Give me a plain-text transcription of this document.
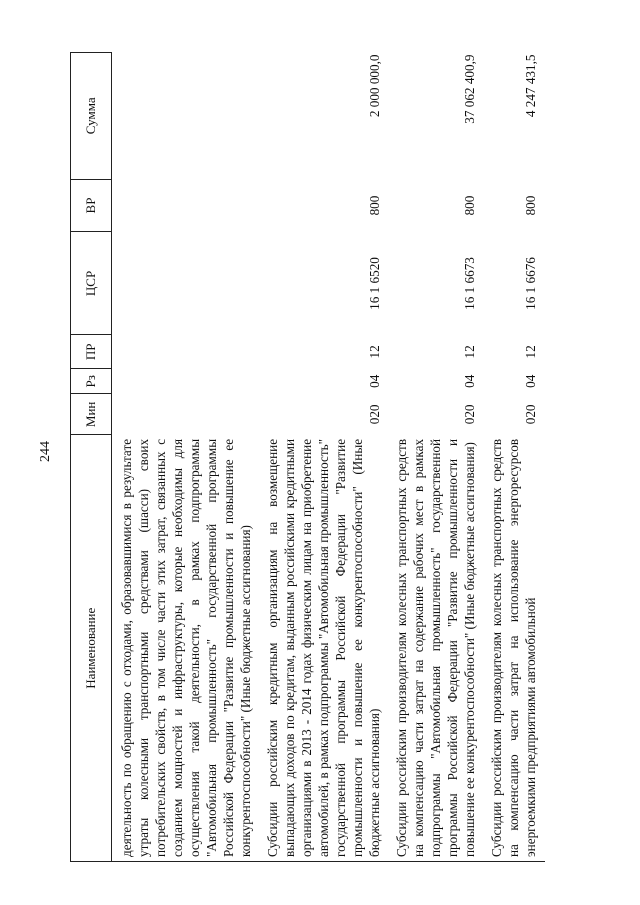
244
Наименование	Мин	Рз	ПР	ЦСР	ВР	Сумма
деятельность по обращению с отходами, образовавшимися в результате утраты колесными транспортными средствами (шасси) своих потребительских свойств, в том числе части этих затрат, связанных с созданием мощностей и инфраструктуры, которые необходимы для осуществления такой деятельности, в рамках подпрограммы "Автомобильная промышленность" государственной программы Российской Федерации "Развитие промышленности и повышение ее конкурентоспособности" (Иные бюджетные ассигнования)						
Субсидии российским кредитным организациям на возмещение выпадающих доходов по кредитам, выданным российскими кредитными организациями в 2013 - 2014 годах физическим лицам на приобретение автомобилей, в рамках подпрограммы "Автомобильная промышленность" государственной программы Российской Федерации "Развитие промышленности и повышение ее конкурентоспособности" (Иные бюджетные ассигнования)	020	04	12	16 1 6520	800	2 000 000,0
Субсидии российским производителям колесных транспортных средств на компенсацию части затрат на содержание рабочих мест в рамках подпрограммы "Автомобильная промышленность" государственной программы Российской Федерации "Развитие промышленности и повышение ее конкурентоспособности" (Иные бюджетные ассигнования)	020	04	12	16 1 6673	800	37 062 400,9
Субсидии российским производителям колесных транспортных средств на компенсацию части затрат на использование энергоресурсов энергоемкими предприятиями автомобильной	020	04	12	16 1 6676	800	4 247 431,5
